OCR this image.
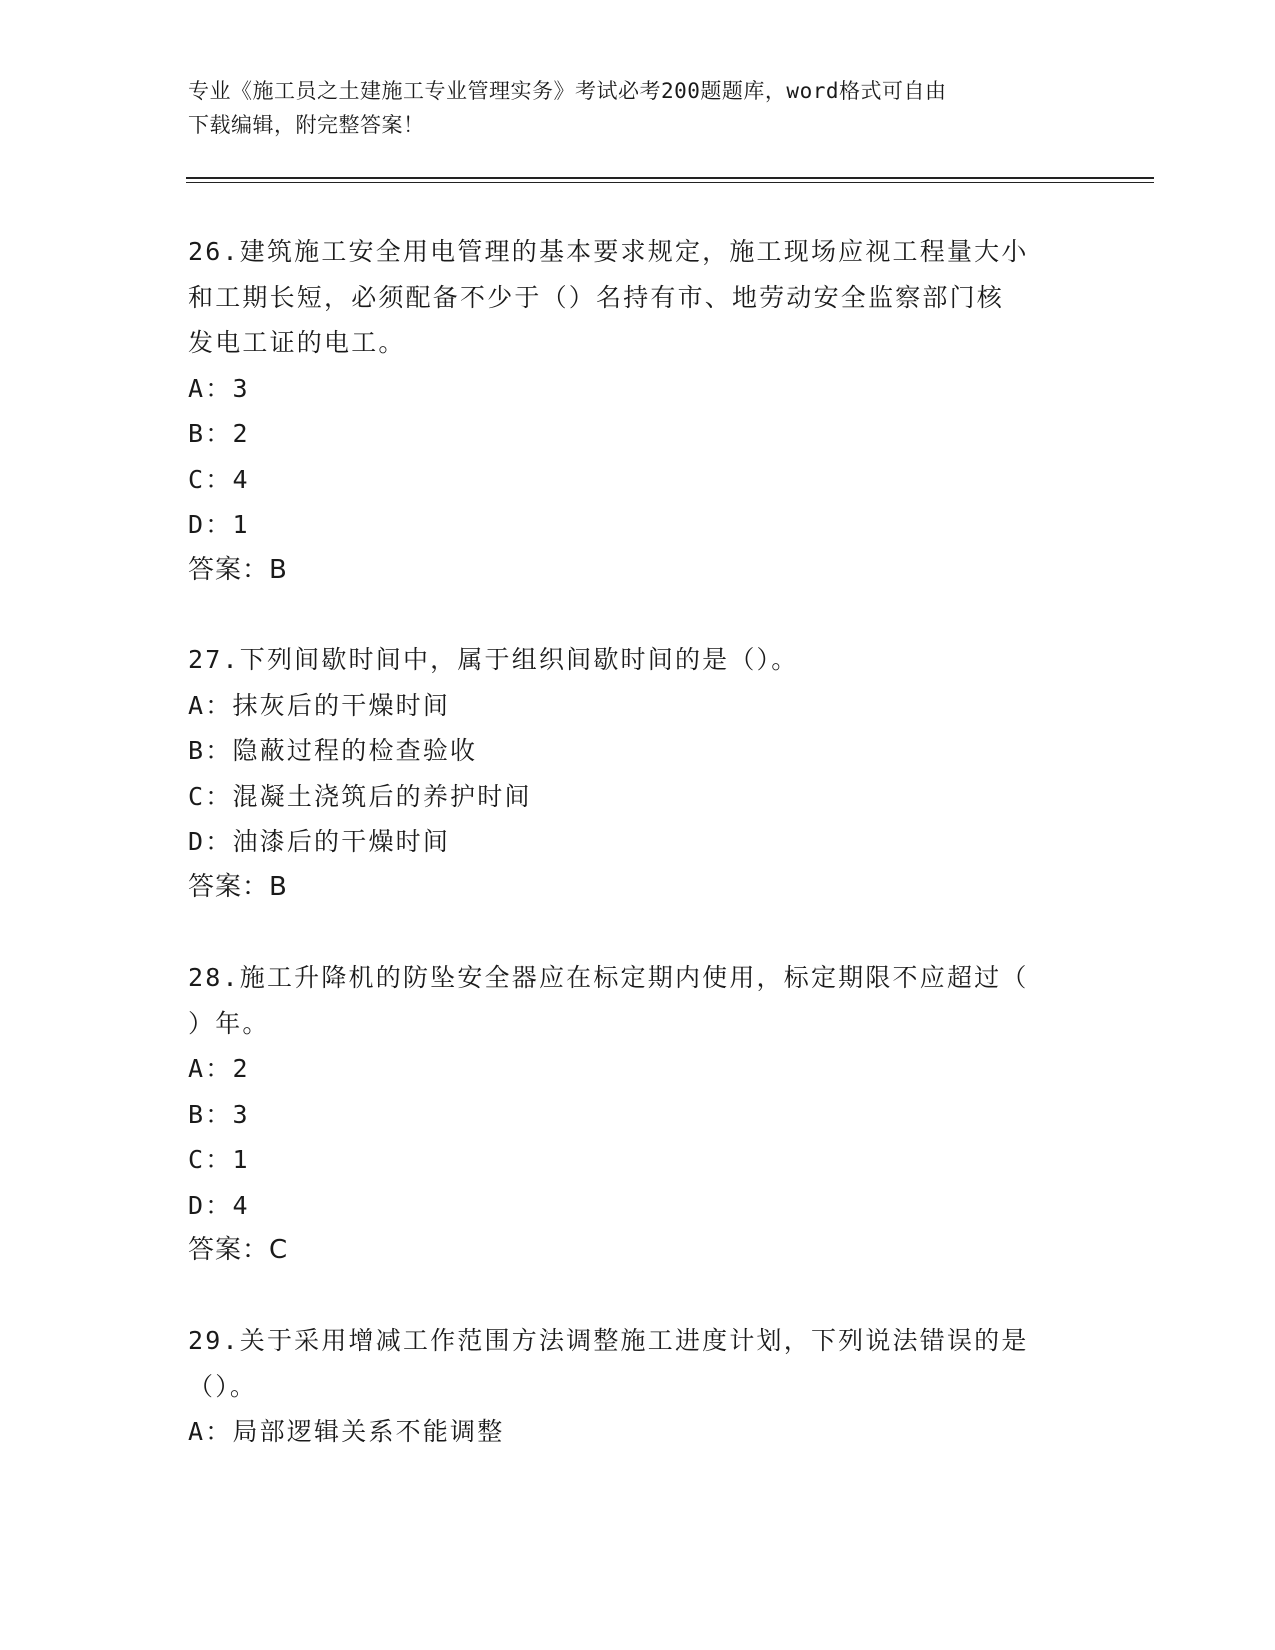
专业《施工员之土建施工专业管理实务》考试必考200题题库，word格式可自由
下载编辑，附完整答案！
26.建筑施工安全用电管理的基本要求规定，施工现场应视工程量大小
和工期长短，必须配备不少于（）名持有市、地劳动安全监察部门核
发电工证的电工。
A：3
B：2
C：4
D：1
答案：B
27.下列间歇时间中，属于组织间歇时间的是（）。
A：抹灰后的干燥时间
B：隐蔽过程的检查验收
C：混凝土浇筑后的养护时间
D：油漆后的干燥时间
答案：B
28.施工升降机的防坠安全器应在标定期内使用，标定期限不应超过（
）年。
A：2
B：3
C：1
D：4
答案：C
29.关于采用增减工作范围方法调整施工进度计划，下列说法错误的是
（）。
A：局部逻辑关系不能调整
